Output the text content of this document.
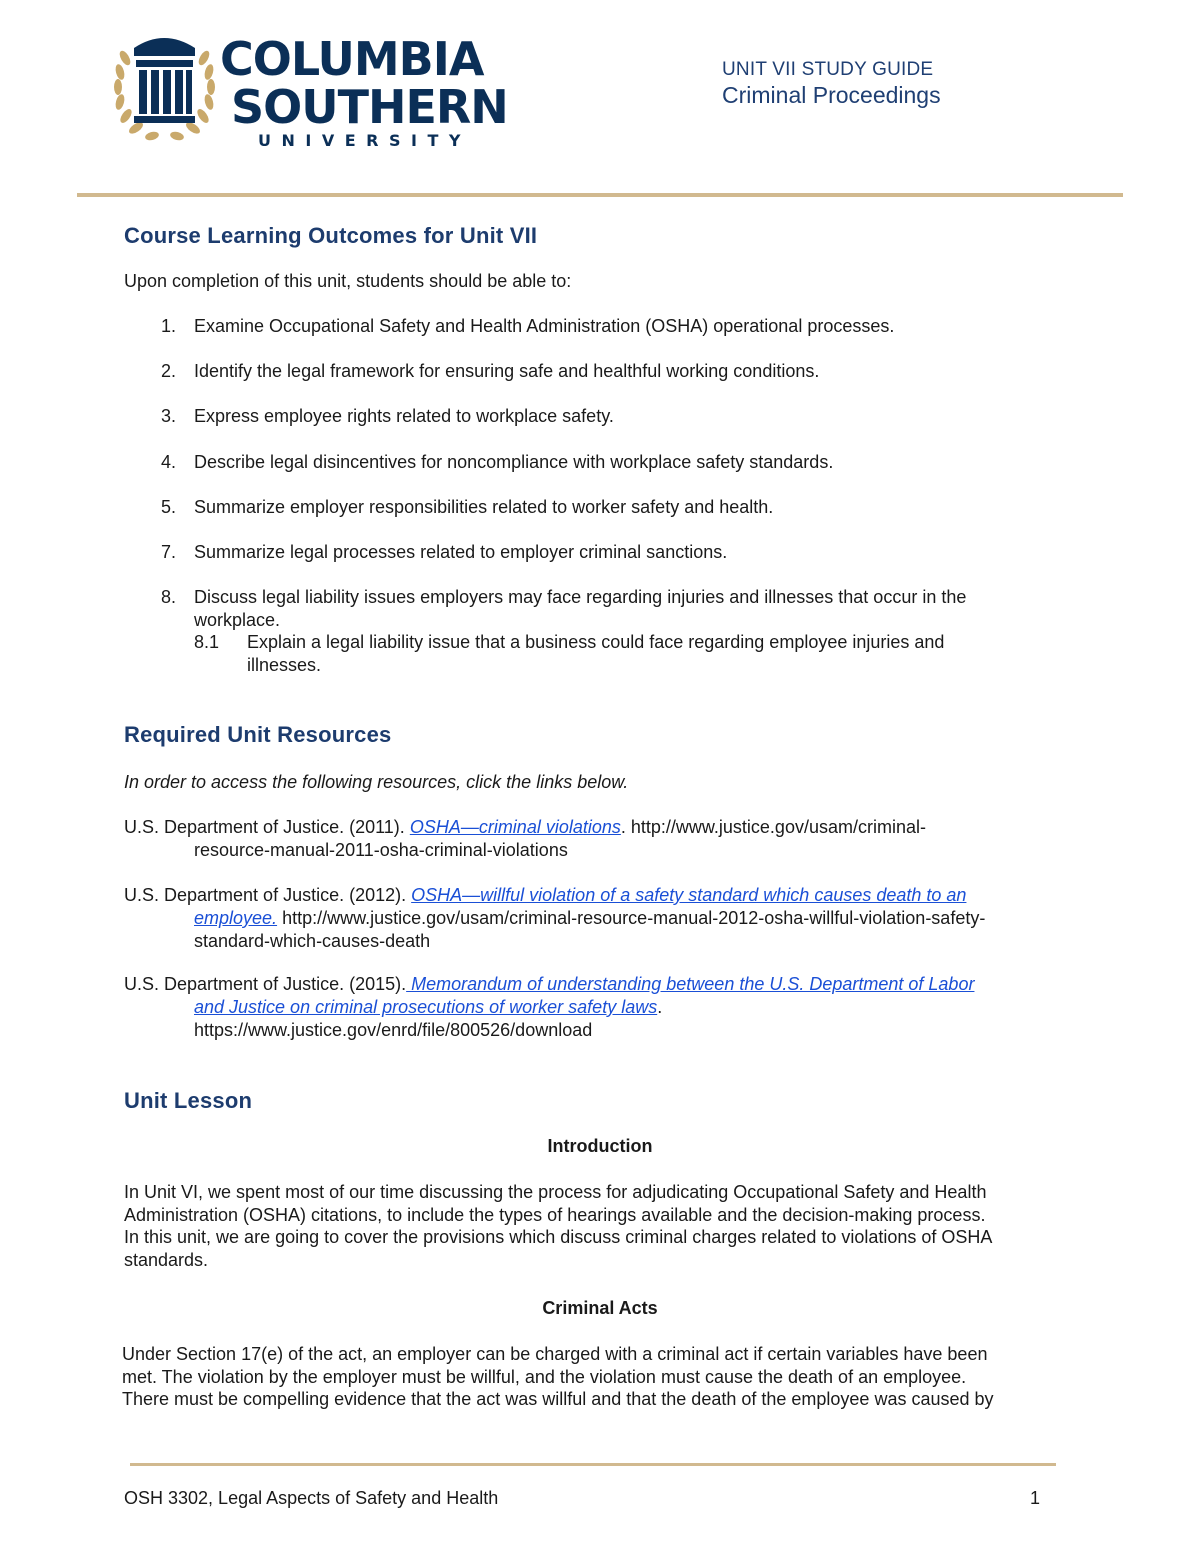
COLUMBIA
SOUTHERN
UNIVERSITY
UNIT VII STUDY GUIDE
Criminal Proceedings
Course Learning Outcomes for Unit VII

Upon completion of this unit, students should be able to:

1. Examine Occupational Safety and Health Administration (OSHA) operational processes.

2. Identify the legal framework for ensuring safe and healthful working conditions.

3. Express employee rights related to workplace safety.

4. Describe legal disincentives for noncompliance with workplace safety standards.

5. Summarize employer responsibilities related to worker safety and health.

7. Summarize legal processes related to employer criminal sanctions.

8. Discuss legal liability issues employers may face regarding injuries and illnesses that occur in the

workplace.

8.1 Explain a legal liability issue that a business could face regarding employee injuries and

illnesses.

Required Unit Resources

In order to access the following resources, click the links below.

U.S. Department of Justice. (2011). OSHA—criminal violations. http://www.justice.gov/usam/criminal-

resource-manual-2011-osha-criminal-violations

U.S. Department of Justice. (2012). OSHA—willful violation of a safety standard which causes death to an

employee. http://www.justice.gov/usam/criminal-resource-manual-2012-osha-willful-violation-safety-

standard-which-causes-death

U.S. Department of Justice. (2015). Memorandum of understanding between the U.S. Department of Labor

and Justice on criminal prosecutions of worker safety laws.

https://www.justice.gov/enrd/file/800526/download

Unit Lesson
Introduction

In Unit VI, we spent most of our time discussing the process for adjudicating Occupational Safety and Health

Administration (OSHA) citations, to include the types of hearings available and the decision-making process.

In this unit, we are going to cover the provisions which discuss criminal charges related to violations of OSHA

standards.

Criminal Acts

Under Section 17(e) of the act, an employer can be charged with a criminal act if certain variables have been

met. The violation by the employer must be willful, and the violation must cause the death of an employee.

There must be compelling evidence that the act was willful and that the death of the employee was caused by

OSH 3302, Legal Aspects of Safety and Health	1
